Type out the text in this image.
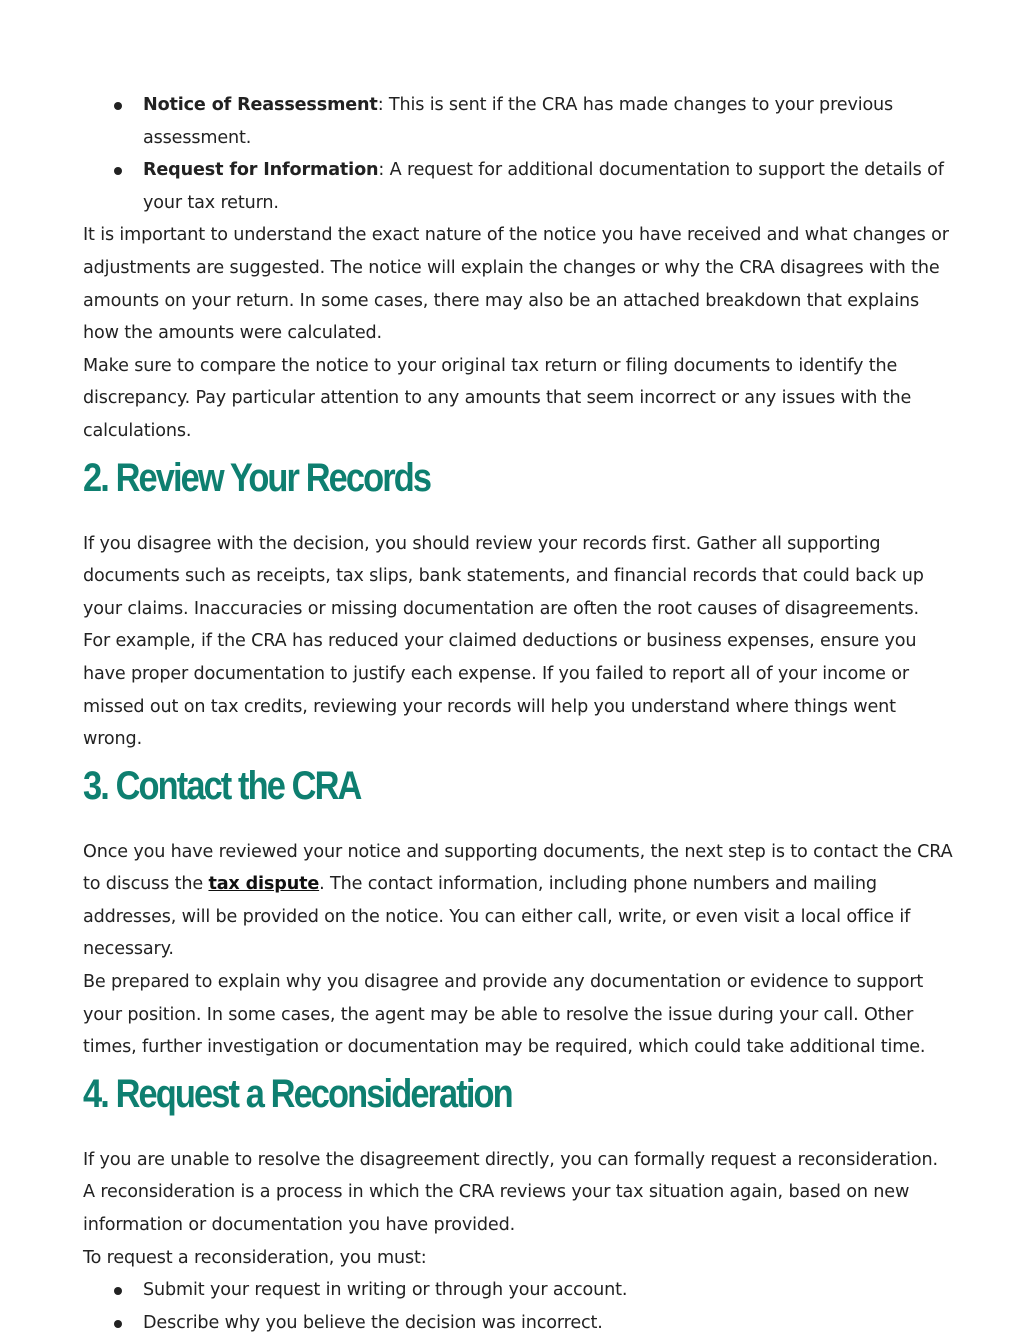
Notice of Reassessment: This is sent if the CRA has made changes to your previous assessment.
Request for Information: A request for additional documentation to support the details of your tax return.

It is important to understand the exact nature of the notice you have received and what changes or adjustments are suggested. The notice will explain the changes or why the CRA disagrees with the amounts on your return. In some cases, there may also be an attached breakdown that explains how the amounts were calculated.

Make sure to compare the notice to your original tax return or filing documents to identify the discrepancy. Pay particular attention to any amounts that seem incorrect or any issues with the calculations.

2. Review Your Records

If you disagree with the decision, you should review your records first. Gather all supporting documents such as receipts, tax slips, bank statements, and financial records that could back up your claims. Inaccuracies or missing documentation are often the root causes of disagreements.

For example, if the CRA has reduced your claimed deductions or business expenses, ensure you have proper documentation to justify each expense. If you failed to report all of your income or missed out on tax credits, reviewing your records will help you understand where things went wrong.

3. Contact the CRA

Once you have reviewed your notice and supporting documents, the next step is to contact the CRA to discuss the tax dispute. The contact information, including phone numbers and mailing addresses, will be provided on the notice. You can either call, write, or even visit a local office if necessary.

Be prepared to explain why you disagree and provide any documentation or evidence to support your position. In some cases, the agent may be able to resolve the issue during your call. Other times, further investigation or documentation may be required, which could take additional time.

4. Request a Reconsideration

If you are unable to resolve the disagreement directly, you can formally request a reconsideration. A reconsideration is a process in which the CRA reviews your tax situation again, based on new information or documentation you have provided.

To request a reconsideration, you must:

Submit your request in writing or through your account.
Describe why you believe the decision was incorrect.
